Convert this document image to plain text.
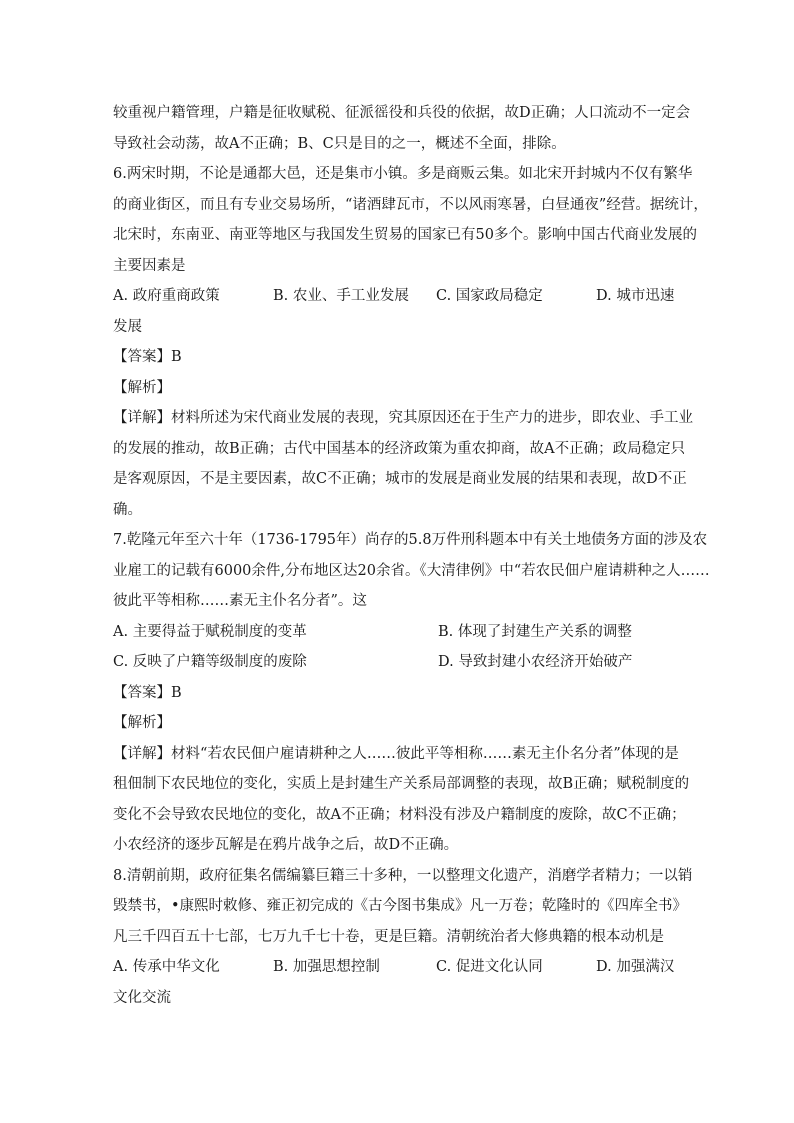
较重视户籍管理，户籍是征收赋税、征派徭役和兵役的依据，故D正确；人口流动不一定会
导致社会动荡，故A不正确；B、C只是目的之一，概述不全面，排除。
6.两宋时期，不论是通都大邑，还是集市小镇。多是商贩云集。如北宋开封城内不仅有繁华
的商业街区，而且有专业交易场所，“诸酒肆瓦市，不以风雨寒暑，白昼通夜”经营。据统计，
北宋时，东南亚、南亚等地区与我国发生贸易的国家已有50多个。影响中国古代商业发展的
主要因素是
A. 政府重商政策	B. 农业、手工业发展	C. 国家政局稳定	D. 城市迅速
发展
【答案】B
【解析】
【详解】材料所述为宋代商业发展的表现，究其原因还在于生产力的进步，即农业、手工业
的发展的推动，故B正确；古代中国基本的经济政策为重农抑商，故A不正确；政局稳定只
是客观原因，不是主要因素，故C不正确；城市的发展是商业发展的结果和表现，故D不正
确。
7.乾隆元年至六十年（1736-1795年）尚存的5.8万件刑科题本中有关土地债务方面的涉及农
业雇工的记载有6000余件,分布地区达20余省。《大清律例》中“若农民佃户雇请耕种之人……
彼此平等相称……素无主仆名分者”。这
A. 主要得益于赋税制度的变革	B. 体现了封建生产关系的调整
C. 反映了户籍等级制度的废除	D. 导致封建小农经济开始破产
【答案】B
【解析】
【详解】材料“若农民佃户雇请耕种之人……彼此平等相称……素无主仆名分者”体现的是
租佃制下农民地位的变化，实质上是封建生产关系局部调整的表现，故B正确；赋税制度的
变化不会导致农民地位的变化，故A不正确；材料没有涉及户籍制度的废除，故C不正确；
小农经济的逐步瓦解是在鸦片战争之后，故D不正确。
8.清朝前期，政府征集名儒编纂巨籍三十多种，一以整理文化遗产，消磨学者精力；一以销
毁禁书，•康熙时敕修、雍正初完成的《古今图书集成》凡一万卷；乾隆时的《四库全书》
凡三千四百五十七部，七万九千七十卷，更是巨籍。清朝统治者大修典籍的根本动机是
A. 传承中华文化	B. 加强思想控制	C. 促进文化认同	D. 加强满汉
文化交流
